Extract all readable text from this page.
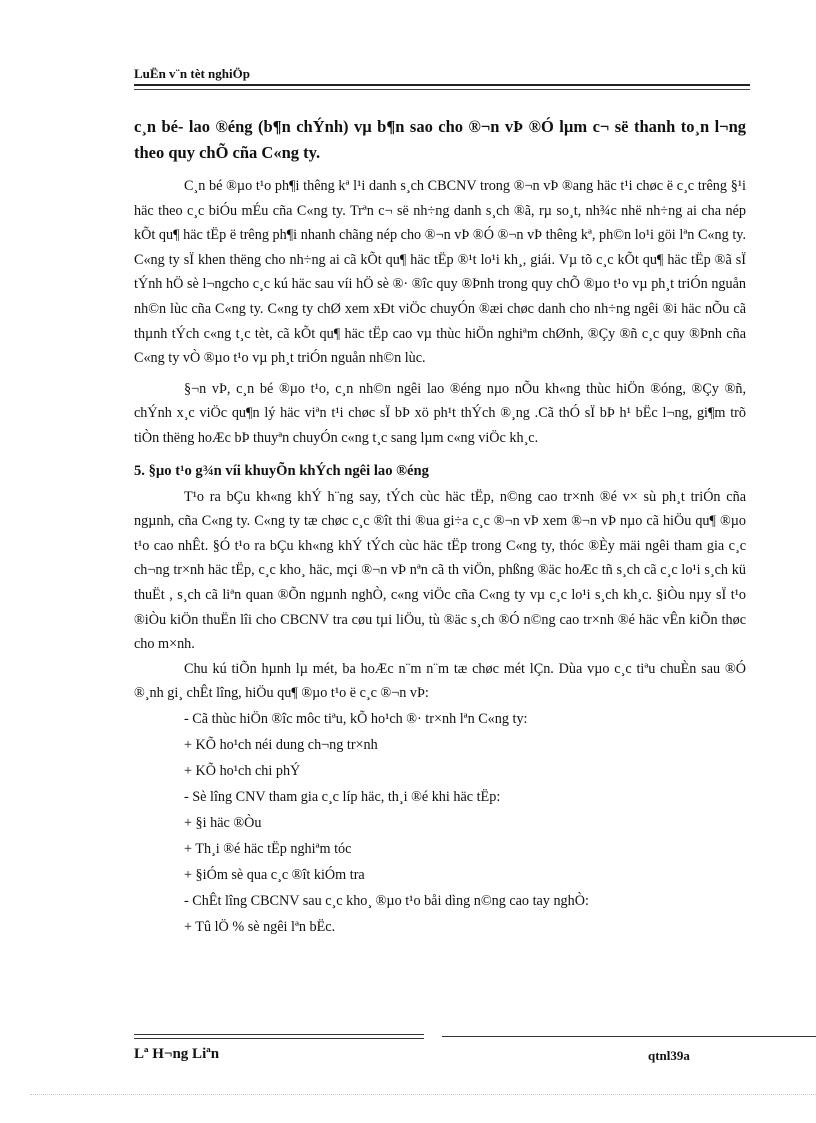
LuËn v¨n tèt nghiÖp

c¸n bé- lao ®éng (b¶n chÝnh) vµ b¶n sao cho ®¬n vÞ ®Ó lµm c¬ së thanh to¸n l¬ng theo quy chÕ cña C«ng ty.

C¸n bé ®µo t¹o ph¶i thêng kª l¹i danh s¸ch CBCNV trong ®¬n vÞ ®ang häc t¹i chøc ë c¸c trêng §¹i häc theo c¸c biÓu mÉu cña C«ng ty. Trªn c¬ së nh÷ng danh s¸ch ®ã, rµ so¸t, nh¾c nhë nh÷ng ai cha nép kÕt qu¶ häc tËp ë trêng ph¶i nhanh chãng nép cho ®¬n vÞ ®Ó ®¬n vÞ thêng kª, ph©n lo¹i göi lªn C«ng ty. C«ng ty sÏ khen thëng cho nh÷ng ai cã kÕt qu¶ häc tËp ®¹t lo¹i kh¸, giái. Vµ tõ c¸c kÕt qu¶ häc tËp ®ã sÏ tÝnh hÖ sè l¬ngcho c¸c kú häc sau víi hÖ sè ®· ®îc quy ®Þnh trong quy chÕ ®µo t¹o vµ ph¸t triÓn nguån nh©n lùc cña C«ng ty. C«ng ty chØ xem xÐt viÖc chuyÓn ®æi chøc danh cho nh÷ng ngêi ®i häc nÕu cã thµnh tÝch c«ng t¸c tèt, cã kÕt qu¶ häc tËp cao vµ thùc hiÖn nghiªm chØnh, ®Çy ®ñ c¸c quy ®Þnh cña C«ng ty vÒ ®µo t¹o vµ ph¸t triÓn nguån nh©n lùc.

§¬n vÞ, c¸n bé ®µo t¹o, c¸n nh©n ngêi lao ®éng nµo nÕu kh«ng thùc hiÖn ®óng, ®Çy ®ñ, chÝnh x¸c viÖc qu¶n lý häc viªn t¹i chøc sÏ bÞ xö ph¹t thÝch ®¸ng .Cã thÓ sÏ bÞ h¹ bËc l¬ng, gi¶m trõ tiÒn thëng hoÆc bÞ thuyªn chuyÓn c«ng t¸c sang lµm c«ng viÖc kh¸c.

5. §µo t¹o g¾n víi khuyÕn khÝch ngêi lao ®éng

T¹o ra bÇu kh«ng khÝ h¨ng say, tÝch cùc häc tËp, n©ng cao tr×nh ®é v× sù ph¸t triÓn cña ngµnh, cña C«ng ty. C«ng ty tæ chøc c¸c ®ît thi ®ua gi÷a c¸c ®¬n vÞ xem ®¬n vÞ nµo cã hiÖu qu¶ ®µo t¹o cao nhÊt. §Ó t¹o ra bÇu kh«ng khÝ tÝch cùc häc tËp trong C«ng ty, thóc ®Èy mäi ngêi tham gia c¸c ch¬ng tr×nh häc tËp, c¸c kho¸ häc, mçi ®¬n vÞ nªn cã th viÖn, phßng ®äc hoÆc tñ s¸ch cã c¸c lo¹i s¸ch kü thuËt , s¸ch cã liªn quan ®Õn ngµnh nghÒ, c«ng viÖc cña C«ng ty vµ c¸c lo¹i s¸ch kh¸c. §iÒu nµy sÏ t¹o ®iÒu kiÖn thuËn lîi cho CBCNV tra cøu tµi liÖu, tù ®äc s¸ch ®Ó n©ng cao tr×nh ®é häc vÊn kiÕn thøc cho m×nh.

Chu kú tiÕn hµnh lµ mét, ba hoÆc n¨m n¨m tæ chøc mét lÇn. Dùa vµo c¸c tiªu chuÈn sau ®Ó ®¸nh gi¸ chÊt lîng, hiÖu qu¶ ®µo t¹o ë c¸c ®¬n vÞ:

- Cã thùc hiÖn ®îc môc tiªu, kÕ ho¹ch ®· tr×nh lªn C«ng ty:
+ KÕ ho¹ch néi dung ch¬ng tr×nh
+ KÕ ho¹ch chi phÝ
- Sè lîng CNV tham gia c¸c líp häc, th¸i ®é khi häc tËp:
+ §i häc ®Òu
+ Th¸i ®é häc tËp nghiªm tóc
+ §iÓm sè qua c¸c ®ît kiÓm tra
- ChÊt lîng CBCNV sau c¸c kho¸ ®µo t¹o båi dìng n©ng cao tay nghÒ:
+ Tû lÖ % sè ngêi lªn bËc.
Lª H¬ng Liªn	qtnl39a
